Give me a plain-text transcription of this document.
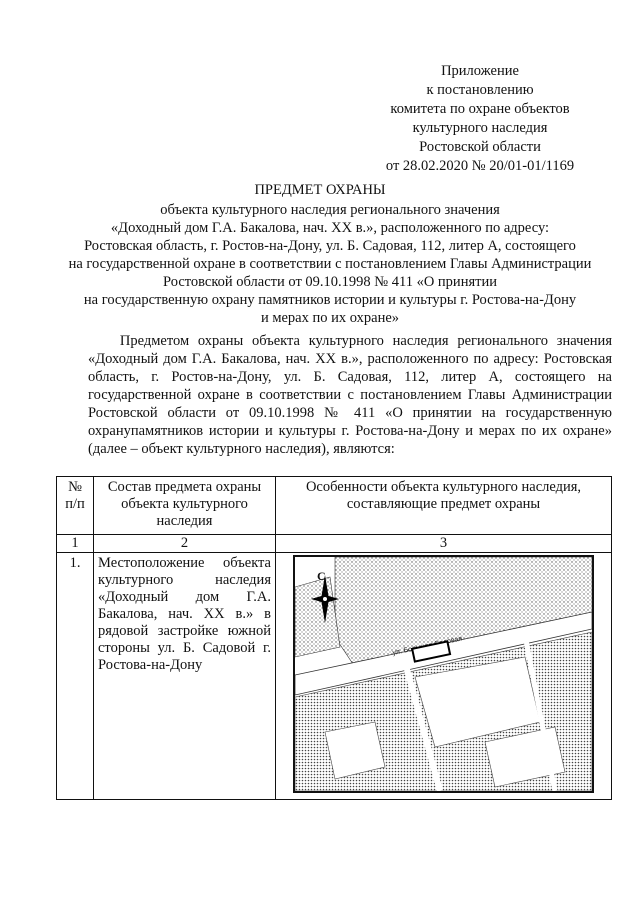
Приложение
к постановлению
комитета по охране объектов
культурного наследия
Ростовской области
от 28.02.2020 № 20/01-01/1169
ПРЕДМЕТ ОХРАНЫ
объекта культурного наследия регионального значения
«Доходный дом Г.А. Бакалова, нач. XX в.», расположенного по адресу:
Ростовская область, г. Ростов-на-Дону, ул. Б. Садовая, 112, литер А, состоящего
на государственной охране в соответствии с постановлением Главы Администрации
Ростовской области от 09.10.1998 № 411 «О принятии
на государственную охрану памятников истории и культуры г. Ростова-на-Дону
и мерах по их охране»

Предметом охраны объекта культурного наследия регионального значения «Доходный дом Г.А. Бакалова, нач. XX в.», расположенного по адресу: Ростовская область, г. Ростов-на-Дону, ул. Б. Садовая, 112, литер А, состоящего на государственной охране в соответствии с постановлением Главы Администрации Ростовской области от 09.10.1998 № 411 «О принятии на государственную охранупамятников истории и культуры г. Ростова-на-Дону и мерах по их охране» (далее – объект культурного наследия), являются:

№ п/п	Состав предмета охраны объекта культурного наследия	Особенности объекта культурного наследия, составляющие предмет охраны
1	2	3
1.	Местоположение объекта культурного наследия «Доходный дом Г.А. Бакалова, нач. XX в.» в рядовой застройке южной стороны ул. Б. Садовой г. Ростова-на-Дону	С
ул.
